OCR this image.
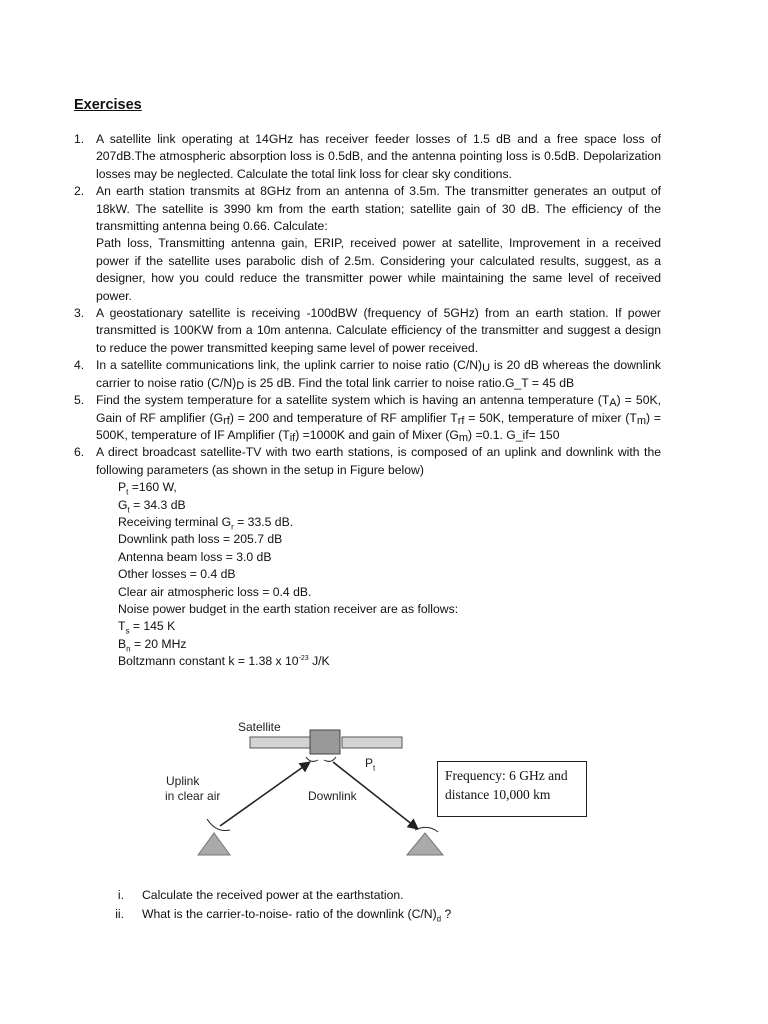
Exercises
1. A satellite link operating at 14GHz has receiver feeder losses of 1.5 dB and a free space loss of 207dB.The atmospheric absorption loss is 0.5dB, and the antenna pointing loss is 0.5dB. Depolarization losses may be neglected. Calculate the total link loss for clear sky conditions.
2. An earth station transmits at 8GHz from an antenna of 3.5m. The transmitter generates an output of 18kW. The satellite is 3990 km from the earth station; satellite gain of 30 dB. The efficiency of the transmitting antenna being 0.66. Calculate:
Path loss, Transmitting antenna gain, ERIP, received power at satellite, Improvement in a received power if the satellite uses parabolic dish of 2.5m. Considering your calculated results, suggest, as a designer, how you could reduce the transmitter power while maintaining the same level of received power.
3. A geostationary satellite is receiving -100dBW (frequency of 5GHz) from an earth station. If power transmitted is 100KW from a 10m antenna. Calculate efficiency of the transmitter and suggest a design to reduce the power transmitted keeping same level of power received.
4. In a satellite communications link, the uplink carrier to noise ratio $(C/N)_U$ is 20 dB whereas the downlink carrier to noise ratio $(C/N)_D$ is 25 dB. Find the total link carrier to noise ratio.G_T = 45 dB
5. Find the system temperature for a satellite system which is having an antenna temperature $(T_A) = 50K$, Gain of RF amplifier $(G_{rf}) = 200$ and temperature of RF amplifier $T_{rf} = 50K$, temperature of mixer $(T_m) = 500K$, temperature of IF Amplifier $(T_{if}) =1000K$ and gain of Mixer $(G_m) =0.1$. G_if= 150
6. A direct broadcast satellite-TV with two earth stations, is composed of an uplink and downlink with the following parameters (as shown in the setup in Figure below)
$P_t =160$ W,
$G_t = 34.3$ dB
Receiving terminal $G_r = 33.5$ dB.
Downlink path loss = 205.7 dB
Antenna beam loss = 3.0 dB
Other losses = 0.4 dB
Clear air atmospheric loss = 0.4 dB.
Noise power budget in the earth station receiver are as follows:
$T_s = 145$ K
$B_n = 20$ MHz
Boltzmann constant k = 1.38 x $10^{-23}$ J/K
Satellite
$P_t$
Uplink
in clear air	Downlink
Frequency: 6 GHz and
distance 10,000 km
i. Calculate the received power at the earthstation.
ii. What is the carrier-to-noise- ratio of the downlink $(C/N)_d$ ?
